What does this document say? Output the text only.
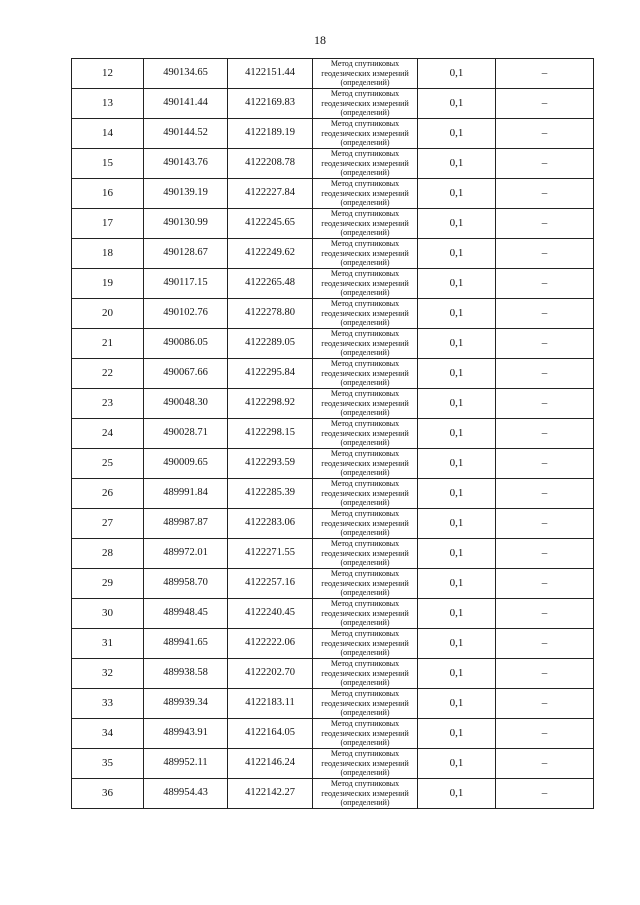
18
12	490134.65	4122151.44	Метод спутниковых геодезических измерений (определений)	0,1	–
13	490141.44	4122169.83	Метод спутниковых геодезических измерений (определений)	0,1	–
14	490144.52	4122189.19	Метод спутниковых геодезических измерений (определений)	0,1	–
15	490143.76	4122208.78	Метод спутниковых геодезических измерений (определений)	0,1	–
16	490139.19	4122227.84	Метод спутниковых геодезических измерений (определений)	0,1	–
17	490130.99	4122245.65	Метод спутниковых геодезических измерений (определений)	0,1	–
18	490128.67	4122249.62	Метод спутниковых геодезических измерений (определений)	0,1	–
19	490117.15	4122265.48	Метод спутниковых геодезических измерений (определений)	0,1	–
20	490102.76	4122278.80	Метод спутниковых геодезических измерений (определений)	0,1	–
21	490086.05	4122289.05	Метод спутниковых геодезических измерений (определений)	0,1	–
22	490067.66	4122295.84	Метод спутниковых геодезических измерений (определений)	0,1	–
23	490048.30	4122298.92	Метод спутниковых геодезических измерений (определений)	0,1	–
24	490028.71	4122298.15	Метод спутниковых геодезических измерений (определений)	0,1	–
25	490009.65	4122293.59	Метод спутниковых геодезических измерений (определений)	0,1	–
26	489991.84	4122285.39	Метод спутниковых геодезических измерений (определений)	0,1	–
27	489987.87	4122283.06	Метод спутниковых геодезических измерений (определений)	0,1	–
28	489972.01	4122271.55	Метод спутниковых геодезических измерений (определений)	0,1	–
29	489958.70	4122257.16	Метод спутниковых геодезических измерений (определений)	0,1	–
30	489948.45	4122240.45	Метод спутниковых геодезических измерений (определений)	0,1	–
31	489941.65	4122222.06	Метод спутниковых геодезических измерений (определений)	0,1	–
32	489938.58	4122202.70	Метод спутниковых геодезических измерений (определений)	0,1	–
33	489939.34	4122183.11	Метод спутниковых геодезических измерений (определений)	0,1	–
34	489943.91	4122164.05	Метод спутниковых геодезических измерений (определений)	0,1	–
35	489952.11	4122146.24	Метод спутниковых геодезических измерений (определений)	0,1	–
36	489954.43	4122142.27	Метод спутниковых геодезических измерений (определений)	0,1	–
